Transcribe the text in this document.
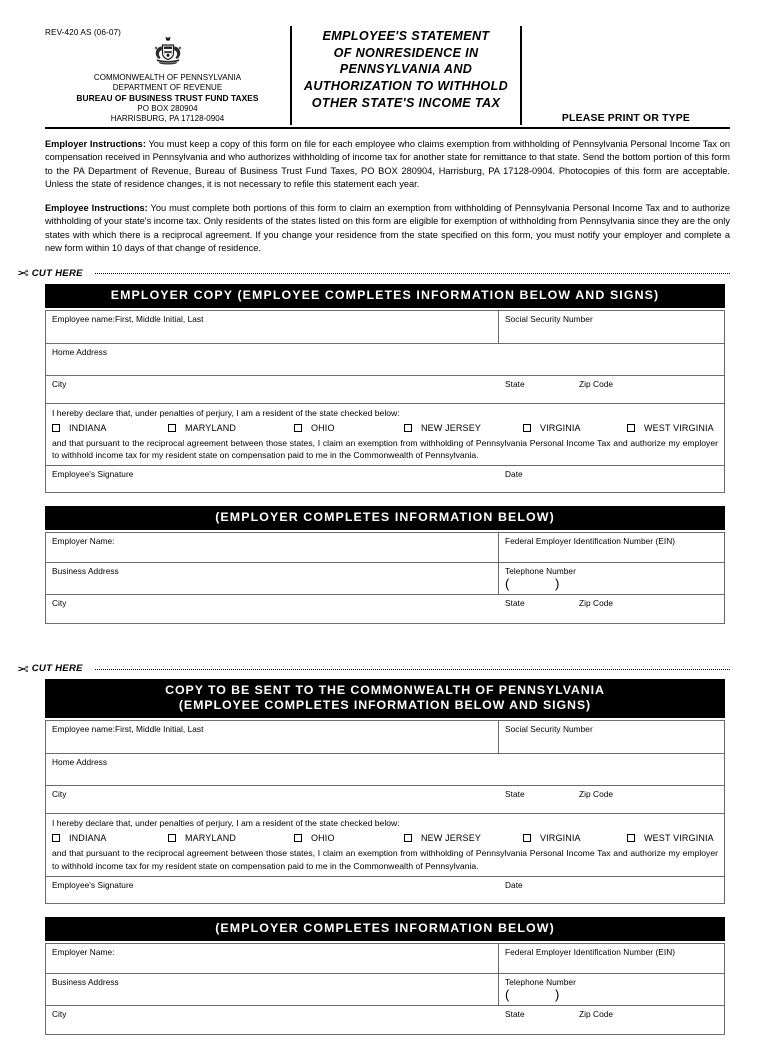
REV-420 AS (06-07)
COMMONWEALTH OF PENNSYLVANIA
DEPARTMENT OF REVENUE
BUREAU OF BUSINESS TRUST FUND TAXES
PO BOX 280904
HARRISBURG, PA 17128-0904
EMPLOYEE'S STATEMENT
OF NONRESIDENCE IN
PENNSYLVANIA AND
AUTHORIZATION TO WITHHOLD
OTHER STATE'S INCOME TAX
PLEASE PRINT OR TYPE

Employer Instructions: You must keep a copy of this form on file for each employee who claims exemption from withholding of Pennsylvania Personal Income Tax on compensation received in Pennsylvania and who authorizes withholding of income tax for another state for remittance to that state. Send the bottom portion of this form to the PA Department of Revenue, Bureau of Business Trust Fund Taxes, PO BOX 280904, Harrisburg, PA 17128-0904. Photocopies of this form are acceptable. Unless the state of residence changes, it is not necessary to refile this statement each year.

Employee Instructions: You must complete both portions of this form to claim an exemption from withholding of Pennsylvania Personal Income Tax and to authorize withholding of your state's income tax. Only residents of the states listed on this form are eligible for exemption of withholding from Pennsylvania since they are the only states with which there is a reciprocal agreement. If you change your residence from the state specified on this form, you must notify your employer and complete a new form within 10 days of that change of residence.

✂ CUT HERE
EMPLOYER COPY (EMPLOYEE COMPLETES INFORMATION BELOW AND SIGNS)
Employee name:First, Middle Initial, Last	Social Security Number
Home Address
City	State	Zip Code
I hereby declare that, under penalties of perjury, I am a resident of the state checked below:
INDIANA	MARYLAND	OHIO	NEW JERSEY	VIRGINIA	WEST VIRGINIA
and that pursuant to the reciprocal agreement between those states, I claim an exemption from withholding of Pennsylvania Personal Income Tax and authorize my employer to withhold income tax for my resident state on compensation paid to me in the Commonwealth of Pennsylvania.
Employee's Signature	Date
(EMPLOYER COMPLETES INFORMATION BELOW)
Employer Name:	Federal Employer Identification Number (EIN)
Business Address	Telephone Number
( )
City	State	Zip Code
✂ CUT HERE
COPY TO BE SENT TO THE COMMONWEALTH OF PENNSYLVANIA
(EMPLOYEE COMPLETES INFORMATION BELOW AND SIGNS)
Employee name:First, Middle Initial, Last	Social Security Number
Home Address
City	State	Zip Code
I hereby declare that, under penalties of perjury, I am a resident of the state checked below:
INDIANA	MARYLAND	OHIO	NEW JERSEY	VIRGINIA	WEST VIRGINIA
and that pursuant to the reciprocal agreement between those states, I claim an exemption from withholding of Pennsylvania Personal Income Tax and authorize my employer to withhold income tax for my resident state on compensation paid to me in the Commonwealth of Pennsylvania.
Employee's Signature	Date
(EMPLOYER COMPLETES INFORMATION BELOW)
Employer Name:	Federal Employer Identification Number (EIN)
Business Address	Telephone Number
( )
City	State	Zip Code
